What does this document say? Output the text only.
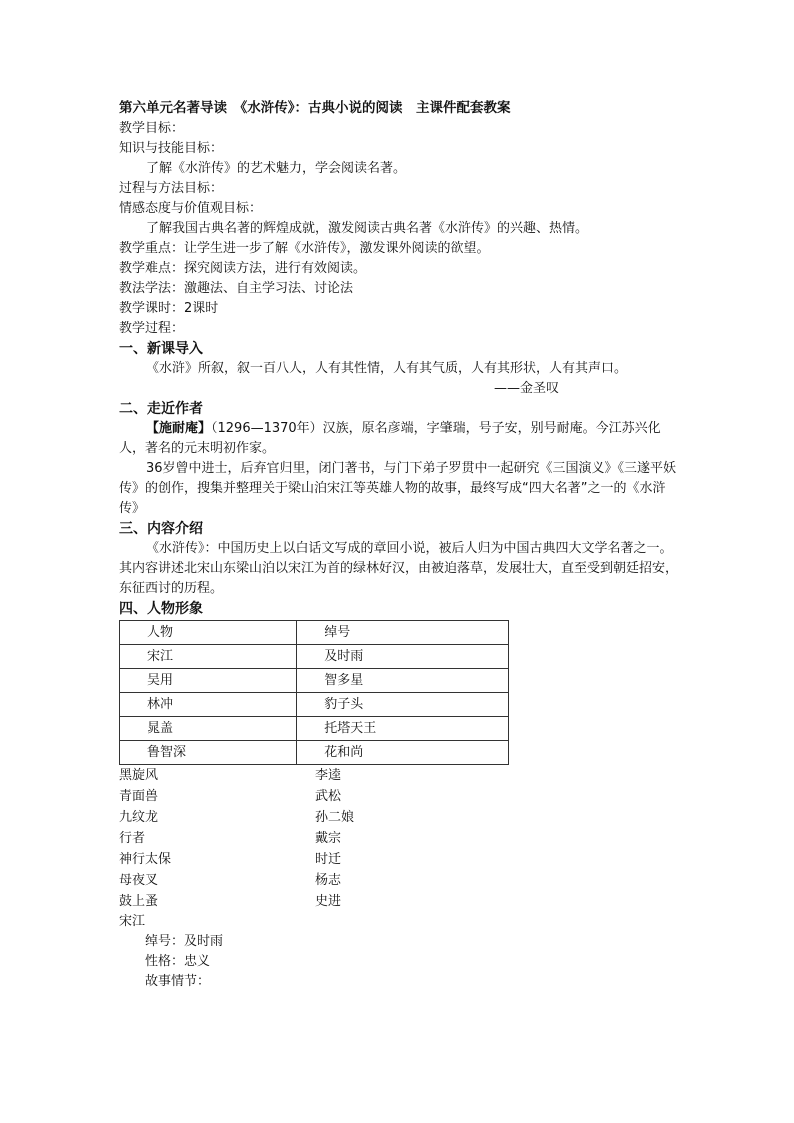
第六单元名著导读　《水浒传》：古典小说的阅读　主课件配套教案
教学目标：
知识与技能目标：
了解《水浒传》的艺术魅力，学会阅读名著。
过程与方法目标：
情感态度与价值观目标：
了解我国古典名著的辉煌成就，激发阅读古典名著《水浒传》的兴趣、热情。
教学重点：让学生进一步了解《水浒传》，激发课外阅读的欲望。
教学难点：探究阅读方法，进行有效阅读。
教法学法：激趣法、自主学习法、讨论法
教学课时：2课时
教学过程：
一、新课导入
《水浒》所叙，叙一百八人，人有其性情，人有其气质，人有其形状，人有其声口。
——金圣叹
二、走近作者
【施耐庵】（1296—1370年）汉族，原名彦端，字肇瑞，号子安，别号耐庵。今江苏兴化人，著名的元末明初作家。
36岁曾中进士，后弃官归里，闭门著书，与门下弟子罗贯中一起研究《三国演义》《三遂平妖传》的创作，搜集并整理关于梁山泊宋江等英雄人物的故事，最终写成“四大名著”之一的《水浒传》
三、内容介绍
《水浒传》：中国历史上以白话文写成的章回小说，被后人归为中国古典四大文学名著之一。其内容讲述北宋山东梁山泊以宋江为首的绿林好汉，由被迫落草，发展壮大，直至受到朝廷招安，东征西讨的历程。
四、人物形象
人物	绰号
宋江	及时雨
吴用	智多星
林冲	豹子头
晁盖	托塔天王
鲁智深	花和尚
黑旋风	李逵
青面兽	武松
九纹龙	孙二娘
行者	戴宗
神行太保	时迁
母夜叉	杨志
鼓上蚤	史进
宋江
绰号：及时雨
性格：忠义
故事情节：
